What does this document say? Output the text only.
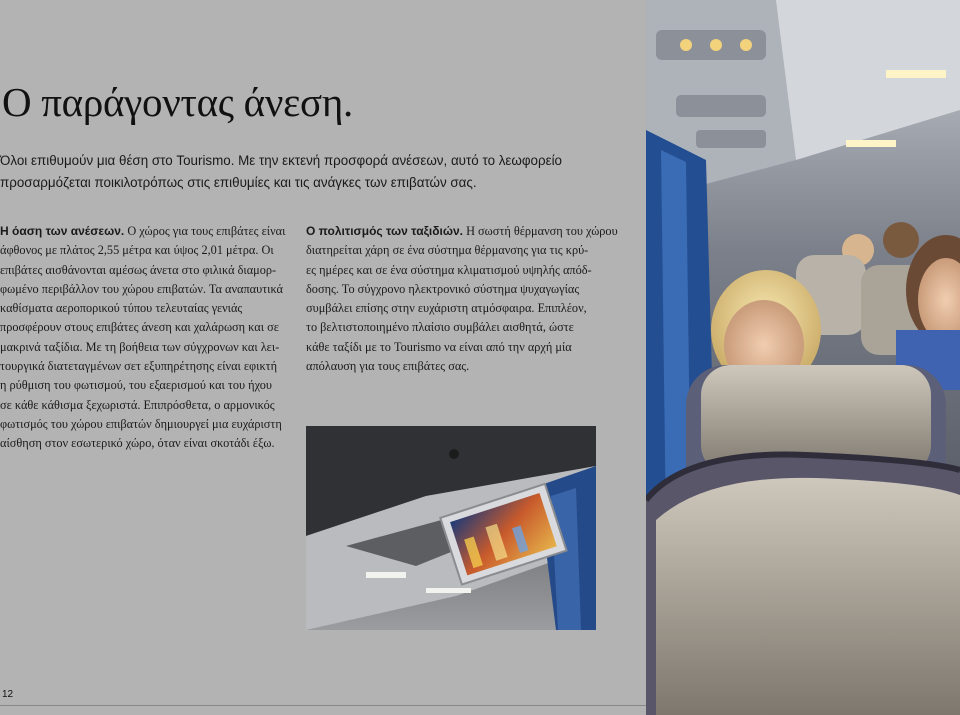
Ο παράγοντας άνεση.

Όλοι επιθυμούν μια θέση στο Tourismo. Με την εκτενή προσφορά ανέσεων, αυτό το λεωφορείο
προσαρμόζεται ποικιλοτρόπως στις επιθυμίες και τις ανάγκες των επιβατών σας.

Η όαση των ανέσεων. Ο χώρος για τους επιβάτες είναι
άφθονος με πλάτος 2,55 μέτρα και ύψος 2,01 μέτρα. Οι
επιβάτες αισθάνονται αμέσως άνετα στο φιλικά διαμορ-
φωμένο περιβάλλον του χώρου επιβατών. Τα αναπαυτικά
καθίσματα αεροπορικού τύπου τελευταίας γενιάς
προσφέρουν στους επιβάτες άνεση και χαλάρωση και σε
μακρινά ταξίδια. Με τη βοήθεια των σύγχρονων και λει-
τουργικά διατεταγμένων σετ εξυπηρέτησης είναι εφικτή
η ρύθμιση του φωτισμού, του εξαερισμού και του ήχου
σε κάθε κάθισμα ξεχωριστά. Επιπρόσθετα, ο αρμονικός
φωτισμός του χώρου επιβατών δημιουργεί μια ευχάριστη
αίσθηση στον εσωτερικό χώρο, όταν είναι σκοτάδι έξω.

Ο πολιτισμός των ταξιδιών. Η σωστή θέρμανση του χώρου
διατηρείται χάρη σε ένα σύστημα θέρμανσης για τις κρύ-
ες ημέρες και σε ένα σύστημα κλιματισμού υψηλής απόδ-
δοσης. Το σύγχρονο ηλεκτρονικό σύστημα ψυχαγωγίας
συμβάλει επίσης στην ευχάριστη ατμόσφαιρα. Επιπλέον,
το βελτιστοποιημένο πλαίσιο συμβάλει αισθητά, ώστε
κάθε ταξίδι με το Tourismo να είναι από την αρχή μία
απόλαυση για τους επιβάτες σας.

12
